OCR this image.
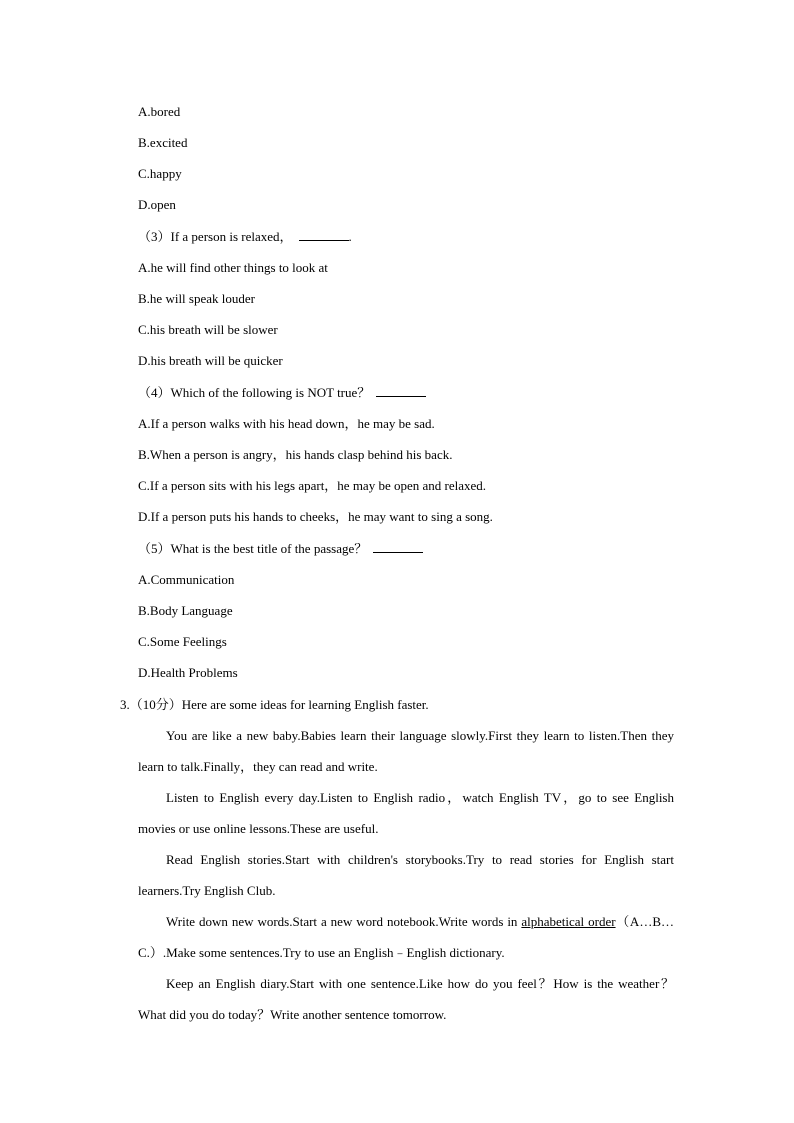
A.bored
B.excited
C.happy
D.open
（3）If a person is relaxed，	.
A.he will find other things to look at
B.he will speak louder
C.his breath will be slower
D.his breath will be quicker
（4）Which of the following is NOT true？
A.If a person walks with his head down，he may be sad.
B.When a person is angry，his hands clasp behind his back.
C.If a person sits with his legs apart，he may be open and relaxed.
D.If a person puts his hands to cheeks，he may want to sing a song.
（5）What is the best title of the passage？
A.Communication
B.Body Language
C.Some Feelings
D.Health Problems
3.（10分）Here are some ideas for learning English faster.
You are like a new baby.Babies learn their language slowly.First they learn to listen.Then they learn to talk.Finally，they can read and write.
Listen to English every day.Listen to English radio，watch English TV，go to see English movies or use online lessons.These are useful.
Read English stories.Start with children's storybooks.Try to read stories for English start learners.Try English Club.
Write down new words.Start a new word notebook.Write words in alphabetical order（A…B…C.）.Make some sentences.Try to use an English﹣English dictionary.
Keep an English diary.Start with one sentence.Like how do you feel？How is the weather？What did you do today？Write another sentence tomorrow.
